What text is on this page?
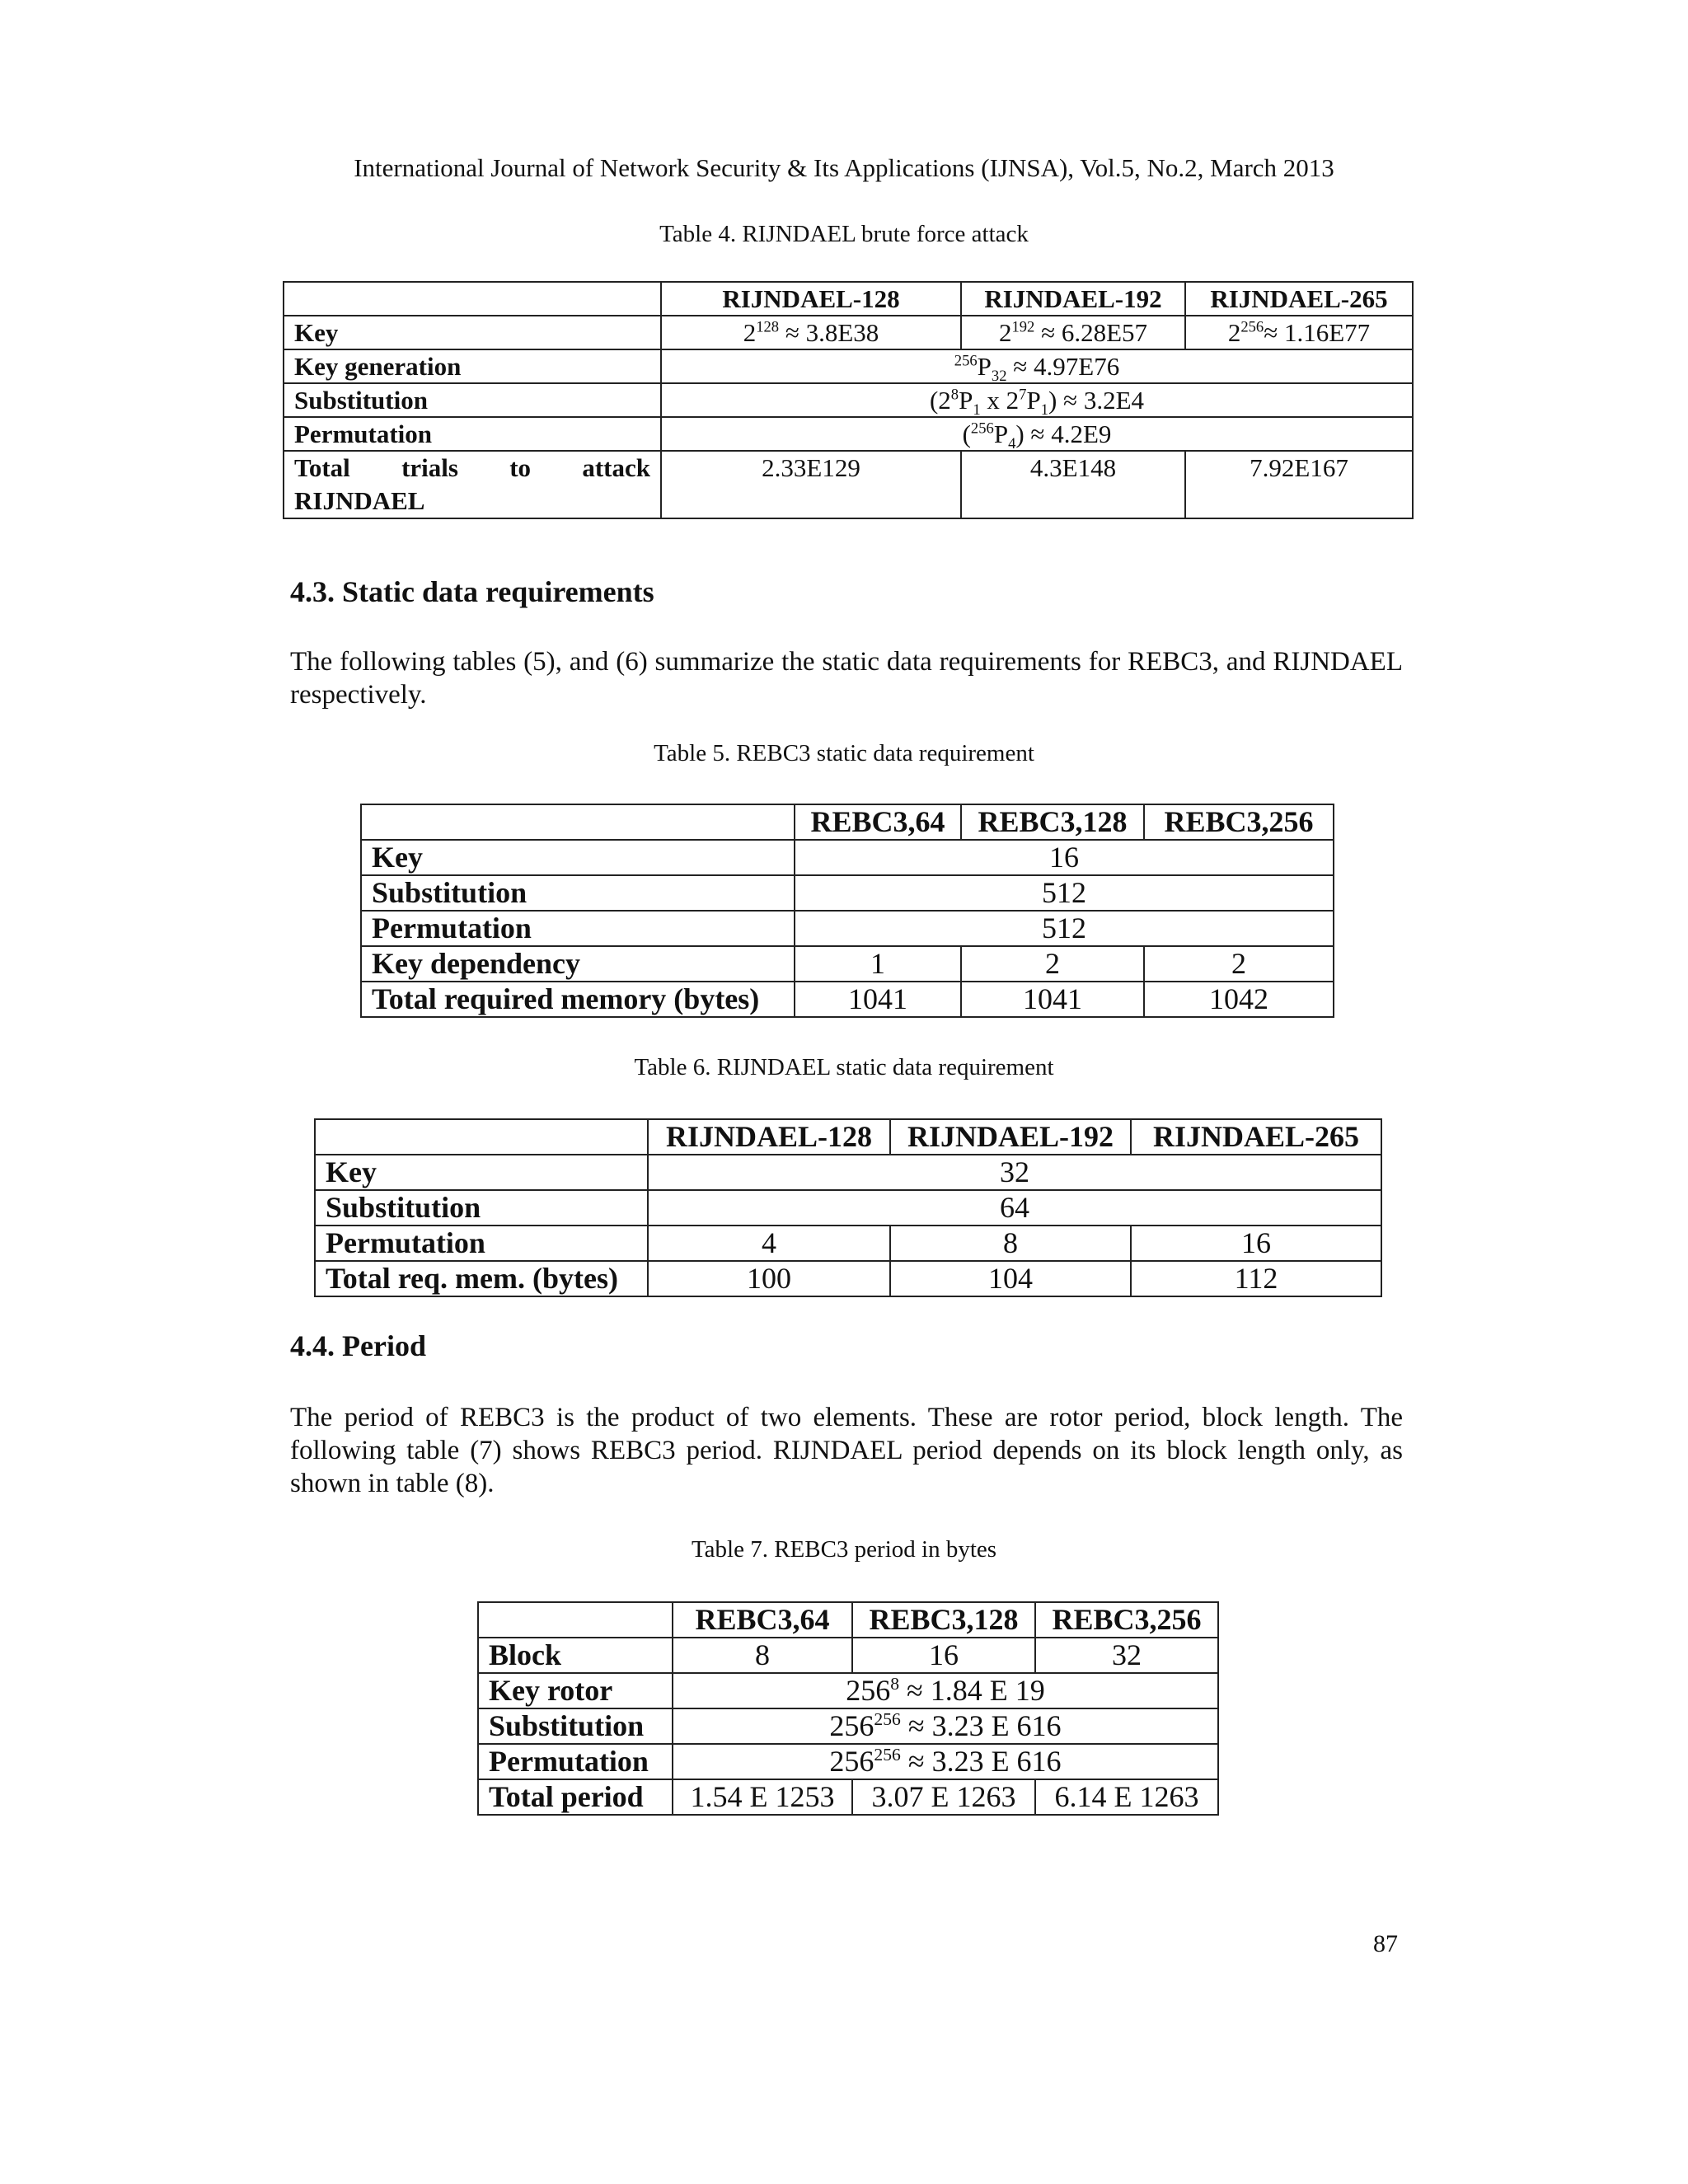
International Journal of Network Security & Its Applications (IJNSA), Vol.5, No.2, March 2013
Table 4. RIJNDAEL brute force attack
	RIJNDAEL-128	RIJNDAEL-192	RIJNDAEL-265
Key	$2^{128} \approx 3.8E38$	$2^{192} \approx 6.28E57$	$2^{256}\approx 1.16E77$
Key generation	$^{256}P_{32} \approx 4.97E76$		
Substitution	($2^8P_1$ x $2^7P_1) \approx 3.2E4$		
Permutation	$(^{256}P_4) \approx 4.2E9$		
Total trials to attack RIJNDAEL	2.33E129	4.3E148	7.92E167
4.3. Static data requirements
The following tables (5), and (6) summarize the static data requirements for REBC3, and RIJNDAEL respectively.
Table 5. REBC3 static data requirement
	REBC3,64	REBC3,128	REBC3,256
Key	16		
Substitution	512		
Permutation	512		
Key dependency	1	2	2
Total required memory (bytes)	1041	1041	1042
Table 6. RIJNDAEL static data requirement
	RIJNDAEL-128	RIJNDAEL-192	RIJNDAEL-265
Key	32		
Substitution	64		
Permutation	4	8	16
Total req. mem. (bytes)	100	104	112
4.4. Period
The period of REBC3 is the product of two elements. These are rotor period, block length. The following table (7) shows REBC3 period. RIJNDAEL period depends on its block length only, as shown in table (8).
Table 7. REBC3 period in bytes
	REBC3,64	REBC3,128	REBC3,256
Block	8	16	32
Key rotor	$256^8 \approx 1.84$ E 19		
Substitution	$256^{256} \approx 3.23$ E 616		
Permutation	$256^{256} \approx 3.23$ E 616		
Total period	1.54 E 1253	3.07 E 1263	6.14 E 1263
87
